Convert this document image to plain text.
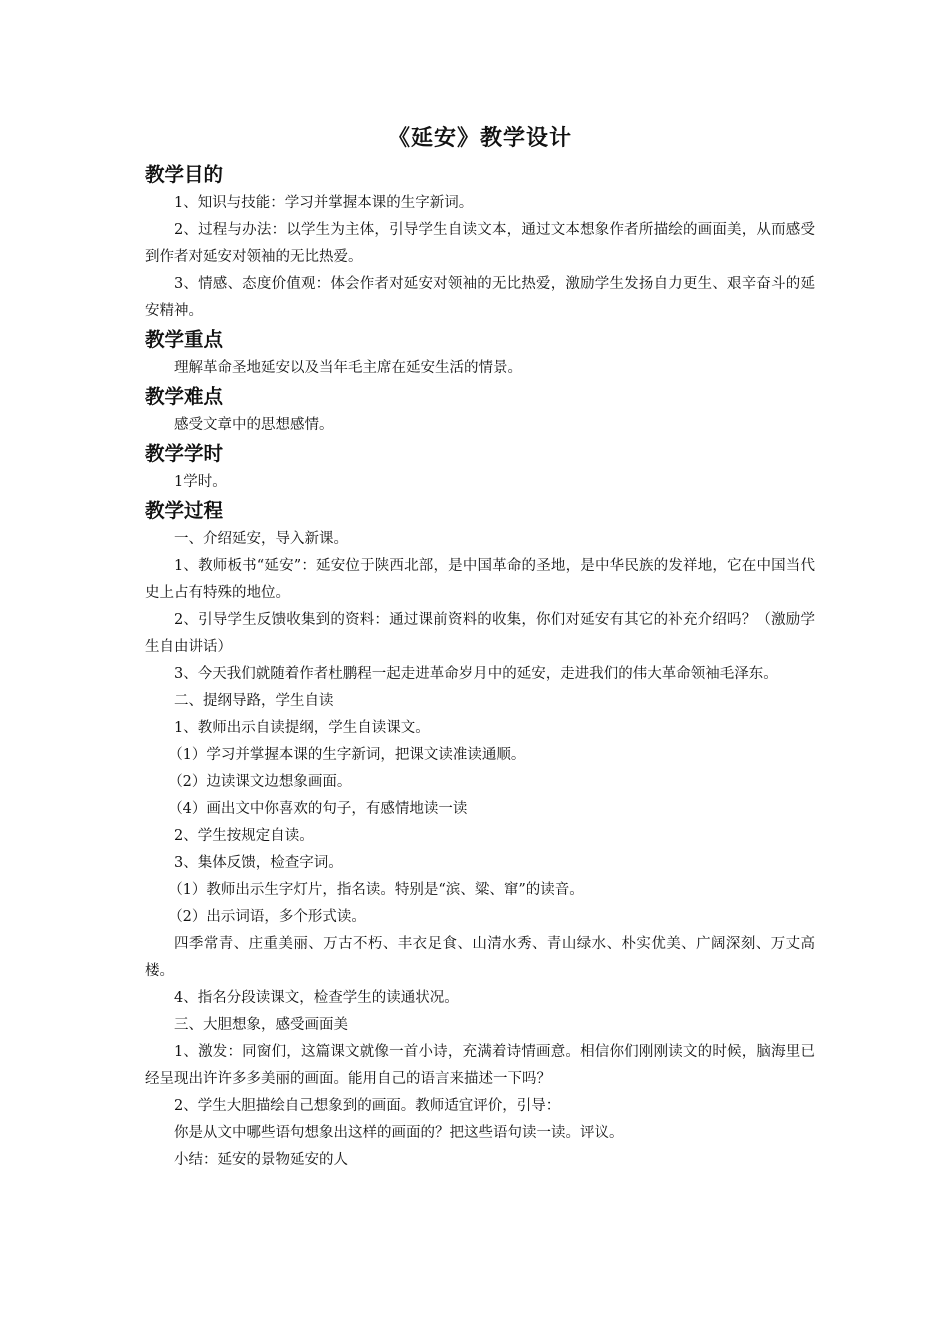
《延安》教学设计
教学目的

1、知识与技能：学习并掌握本课的生字新词。

2、过程与办法：以学生为主体，引导学生自读文本，通过文本想象作者所描绘的画面美，从而感受到作者对延安对领袖的无比热爱。

3、情感、态度价值观：体会作者对延安对领袖的无比热爱，激励学生发扬自力更生、艰辛奋斗的延安精神。

教学重点

理解革命圣地延安以及当年毛主席在延安生活的情景。

教学难点

感受文章中的思想感情。

教学学时

1学时。

教学过程

一、介绍延安，导入新课。

1、教师板书“延安”：延安位于陕西北部，是中国革命的圣地，是中华民族的发祥地，它在中国当代史上占有特殊的地位。

2、引导学生反馈收集到的资料：通过课前资料的收集，你们对延安有其它的补充介绍吗？（激励学生自由讲话）

3、今天我们就随着作者杜鹏程一起走进革命岁月中的延安，走进我们的伟大革命领袖毛泽东。

二、提纲导路，学生自读

1、教师出示自读提纲，学生自读课文。

（1）学习并掌握本课的生字新词，把课文读准读通顺。

（2）边读课文边想象画面。

（4）画出文中你喜欢的句子，有感情地读一读

2、学生按规定自读。

3、集体反馈，检查字词。

（1）教师出示生字灯片，指名读。特别是“滨、粱、窜”的读音。

（2）出示词语，多个形式读。

四季常青、庄重美丽、万古不朽、丰衣足食、山清水秀、青山绿水、朴实优美、广阔深刻、万丈高楼。

4、指名分段读课文，检查学生的读通状况。

三、大胆想象，感受画面美

1、激发：同窗们，这篇课文就像一首小诗，充满着诗情画意。相信你们刚刚读文的时候，脑海里已经呈现出许许多多美丽的画面。能用自己的语言来描述一下吗？

2、学生大胆描绘自己想象到的画面。教师适宜评价，引导：

你是从文中哪些语句想象出这样的画面的？把这些语句读一读。评议。

小结：延安的景物延安的人
